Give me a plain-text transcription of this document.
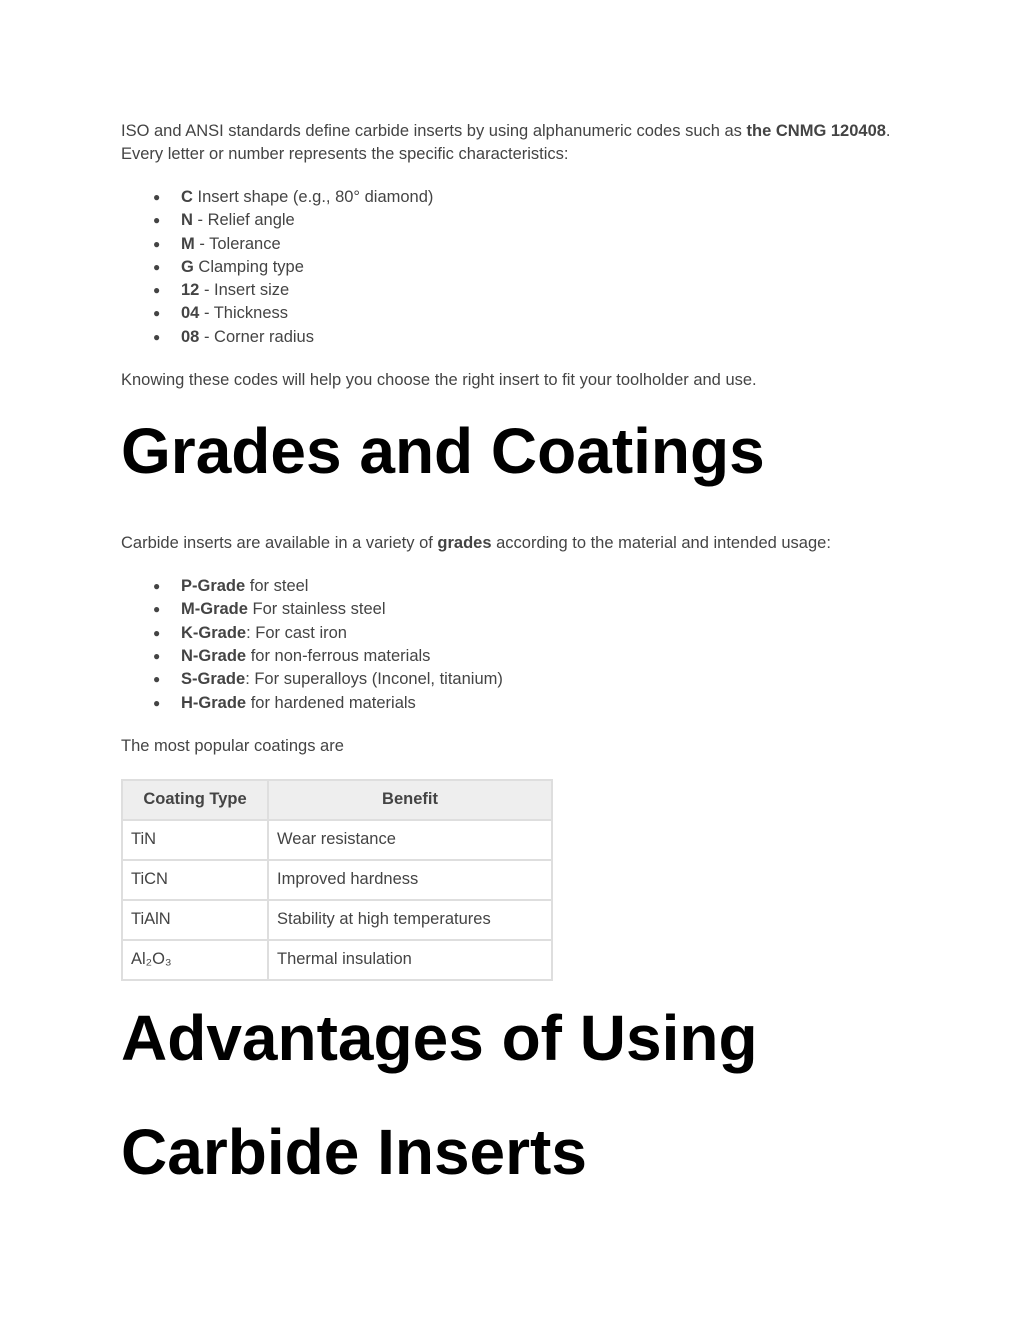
ISO and ANSI standards define carbide inserts by using alphanumeric codes such as the CNMG 120408. Every letter or number represents the specific characteristics:

● C Insert shape (e.g., 80° diamond)
● N - Relief angle
● M - Tolerance
● G Clamping type
● 12 - Insert size
● 04 - Thickness
● 08 - Corner radius

Knowing these codes will help you choose the right insert to fit your toolholder and use.

Grades and Coatings

Carbide inserts are available in a variety of grades according to the material and intended usage:

● P-Grade for steel
● M-Grade For stainless steel
● K-Grade: For cast iron
● N-Grade for non-ferrous materials
● S-Grade: For superalloys (Inconel, titanium)
● H-Grade for hardened materials

The most popular coatings are

Coating Type	Benefit
TiN	Wear resistance
TiCN	Improved hardness
TiAlN	Stability at high temperatures
Al₂O₃	Thermal insulation
Advantages of Using
Carbide Inserts
